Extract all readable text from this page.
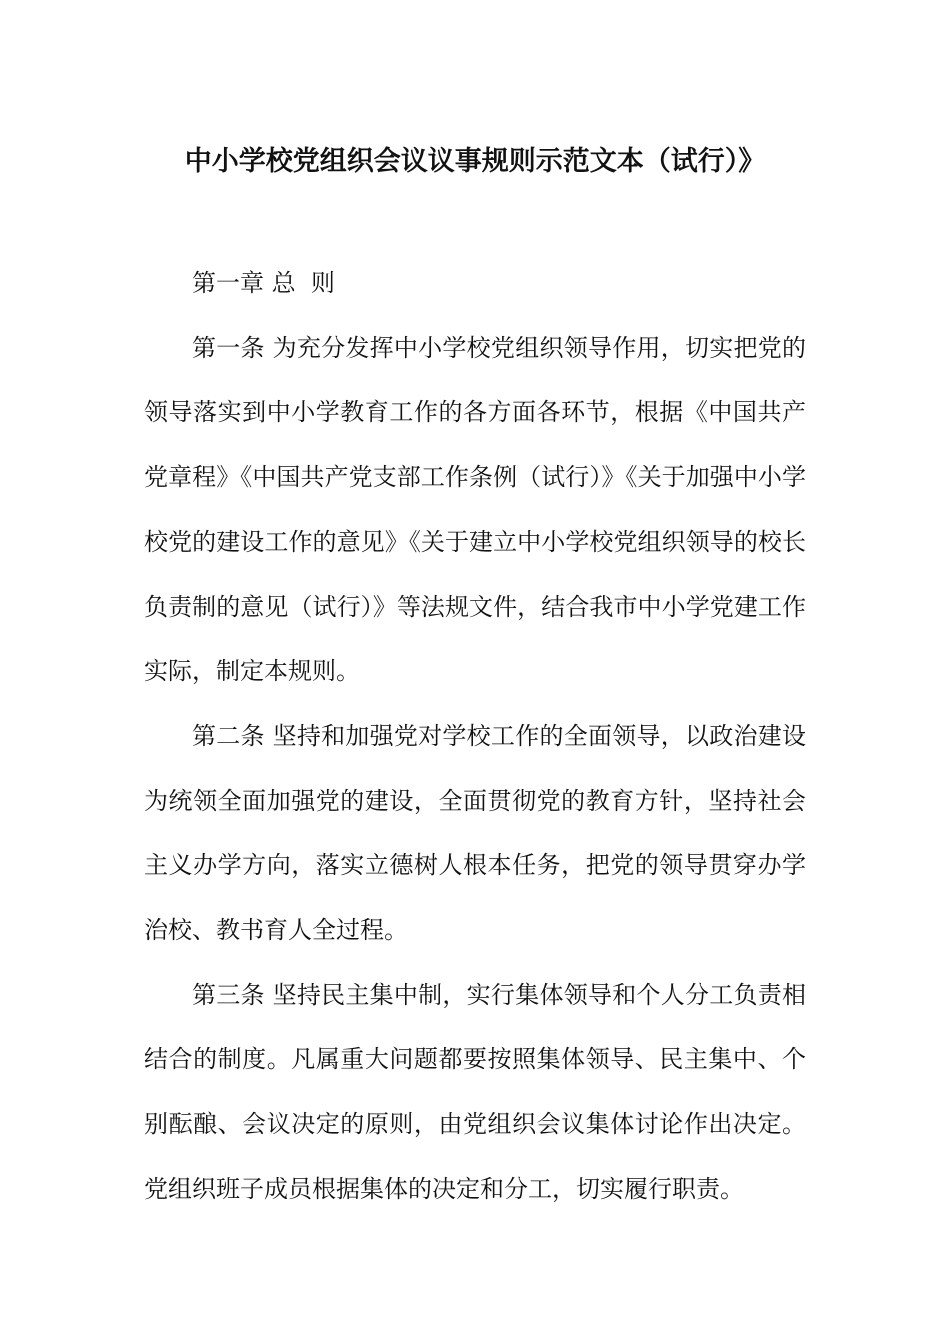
中小学校党组织会议议事规则示范文本（试行）》

第一章 总  则

第一条 为充分发挥中小学校党组织领导作用，切实把党的领导落实到中小学教育工作的各方面各环节，根据《中国共产党章程》《中国共产党支部工作条例（试行）》《关于加强中小学校党的建设工作的意见》《关于建立中小学校党组织领导的校长负责制的意见（试行）》等法规文件，结合我市中小学党建工作实际，制定本规则。

第二条 坚持和加强党对学校工作的全面领导，以政治建设为统领全面加强党的建设，全面贯彻党的教育方针，坚持社会主义办学方向，落实立德树人根本任务，把党的领导贯穿办学治校、教书育人全过程。

第三条 坚持民主集中制，实行集体领导和个人分工负责相结合的制度。凡属重大问题都要按照集体领导、民主集中、个别酝酿、会议决定的原则，由党组织会议集体讨论作出决定。党组织班子成员根据集体的决定和分工，切实履行职责。
